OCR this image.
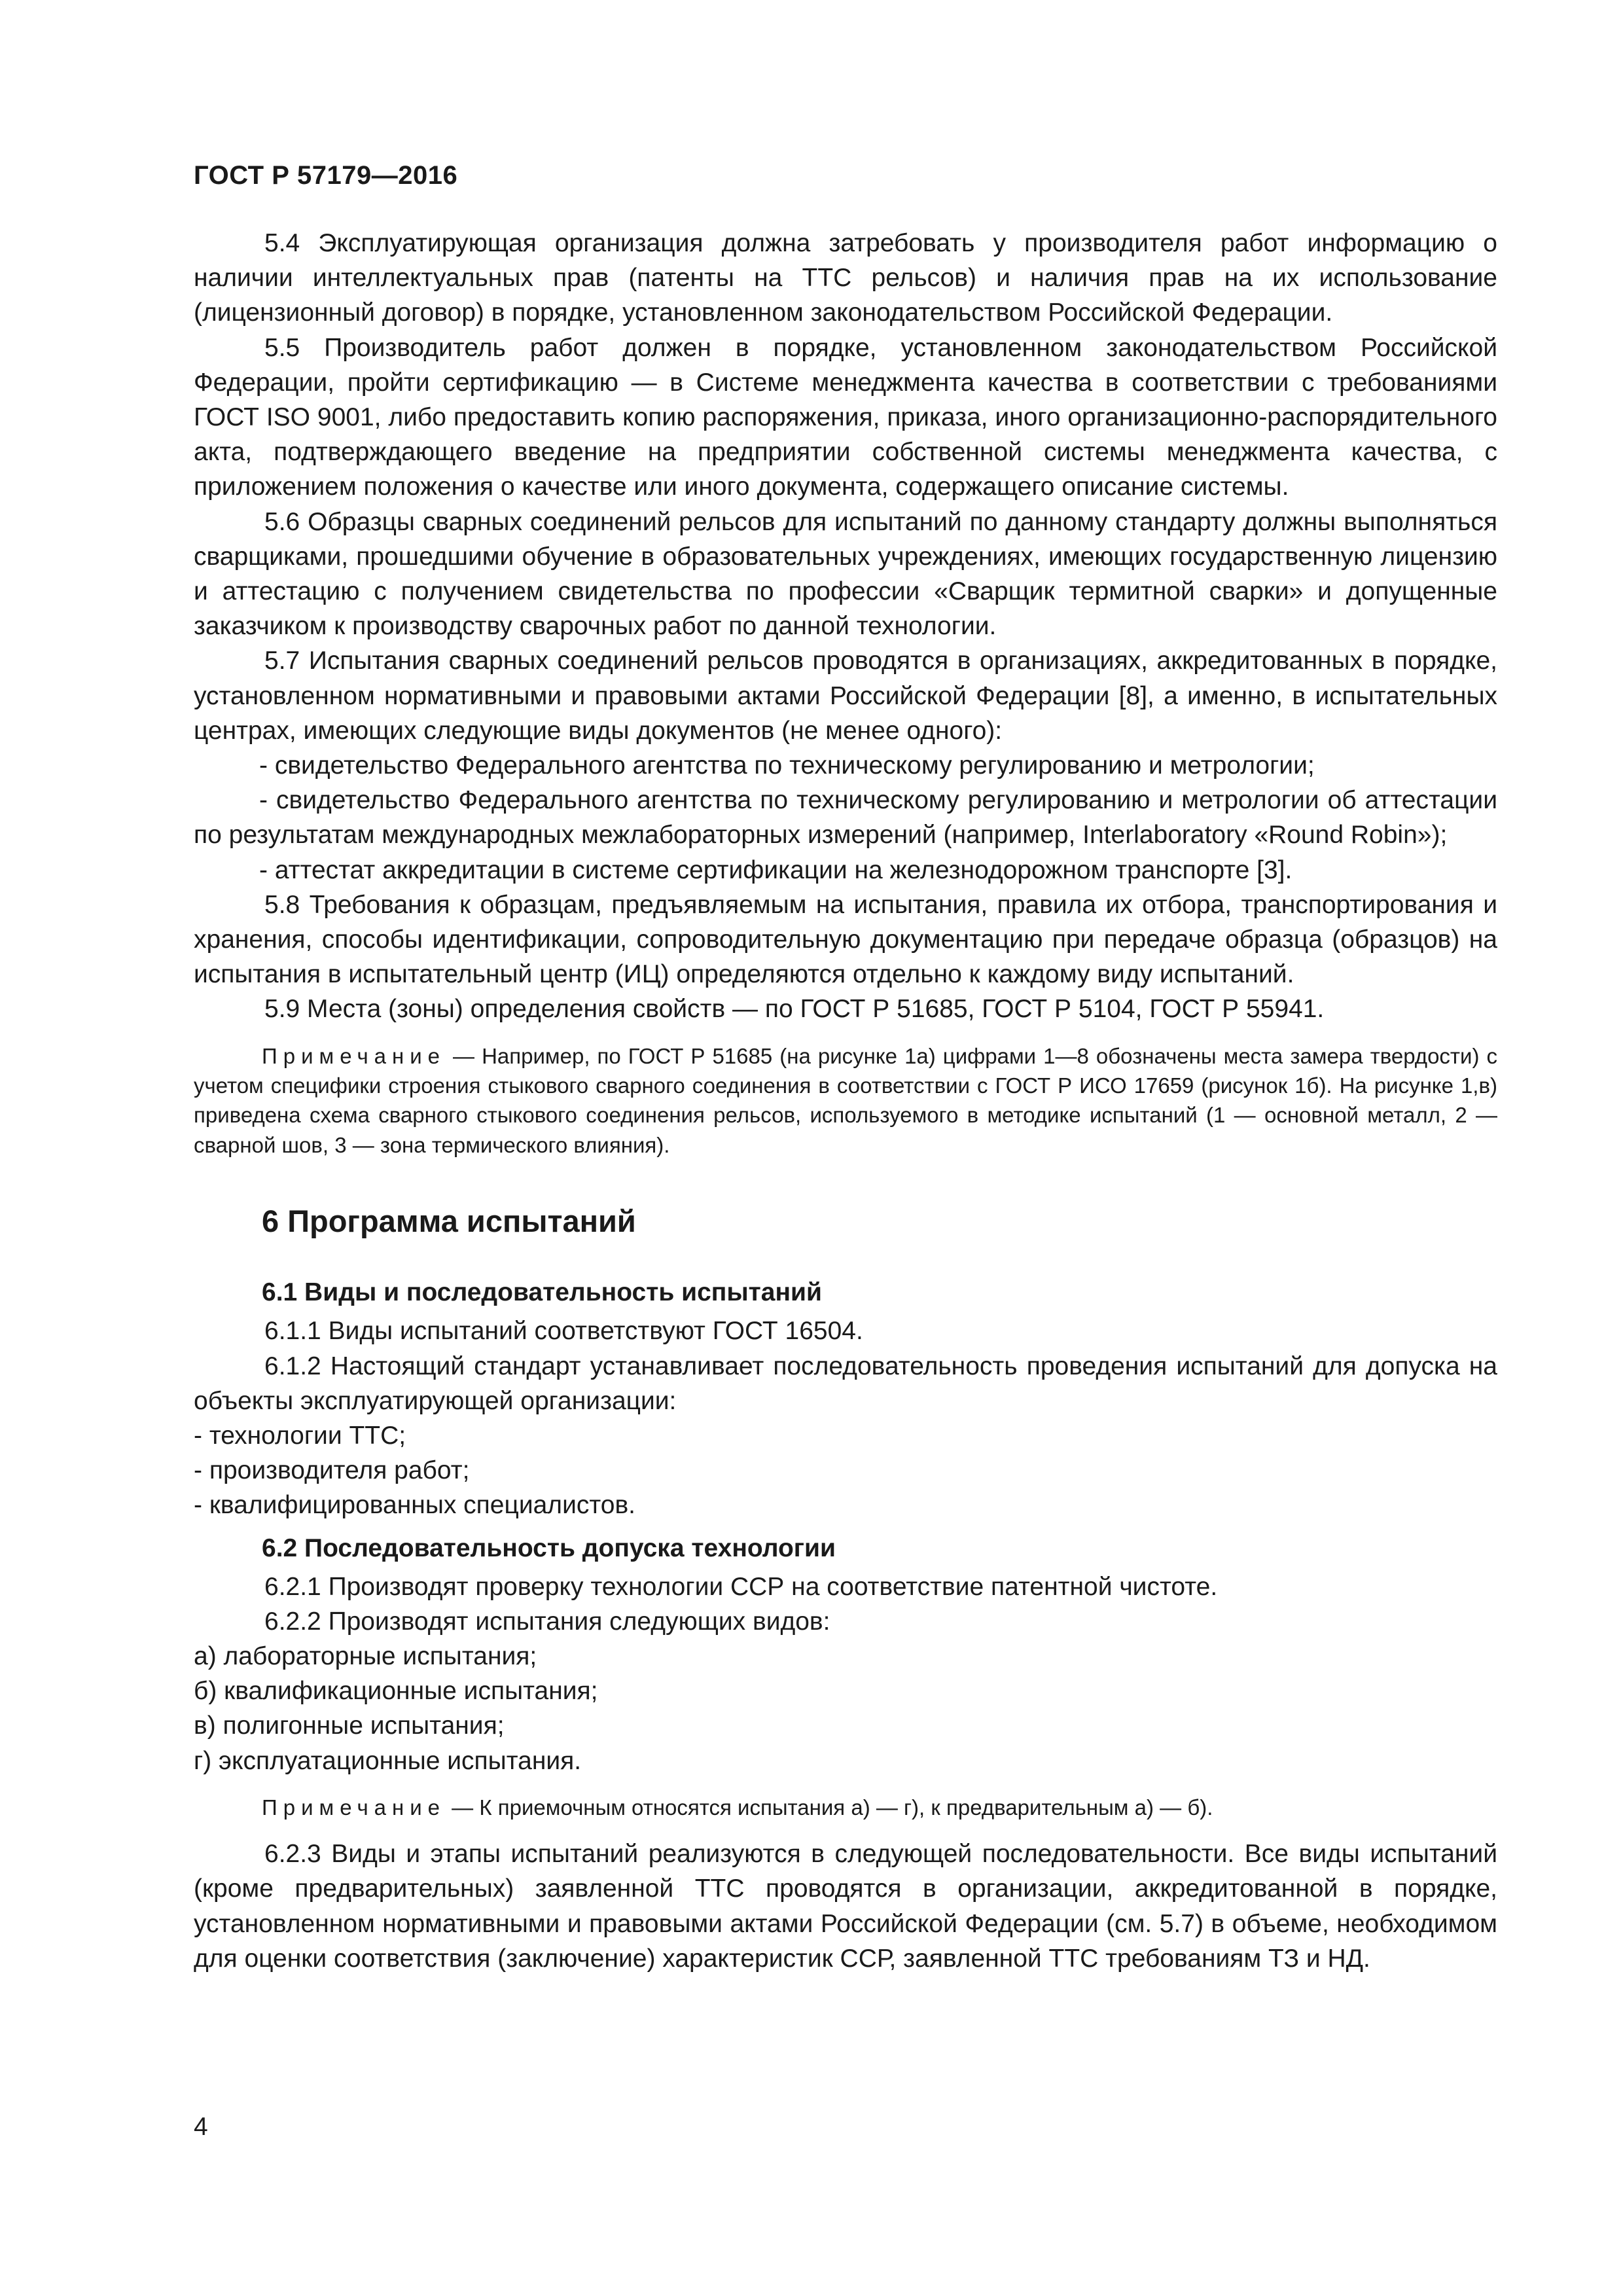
ГОСТ Р 57179—2016

5.4 Эксплуатирующая организация должна затребовать у производителя работ информацию о наличии интеллектуальных прав (патенты на ТТС рельсов) и наличия прав на их использование (лицензионный договор) в порядке, установленном законодательством Российской Федерации.

5.5 Производитель работ должен в порядке, установленном законодательством Российской Федерации, пройти сертификацию — в Системе менеджмента качества в соответствии с требованиями ГОСТ ISO 9001, либо предоставить копию распоряжения, приказа, иного организационно-распорядительного акта, подтверждающего введение на предприятии собственной системы менеджмента качества, с приложением положения о качестве или иного документа, содержащего описание системы.

5.6 Образцы сварных соединений рельсов для испытаний по данному стандарту должны выполняться сварщиками, прошедшими обучение в образовательных учреждениях, имеющих государственную лицензию и аттестацию с получением свидетельства по профессии «Сварщик термитной сварки» и допущенные заказчиком к производству сварочных работ по данной технологии.

5.7 Испытания сварных соединений рельсов проводятся в организациях, аккредитованных в порядке, установленном нормативными и правовыми актами Российской Федерации [8], а именно, в испытательных центрах, имеющих следующие виды документов (не менее одного):

- свидетельство Федерального агентства по техническому регулированию и метрологии;

- свидетельство Федерального агентства по техническому регулированию и метрологии об аттестации по результатам международных межлабораторных измерений (например, Interlaboratory «Round Robin»);

- аттестат аккредитации в системе сертификации на железнодорожном транспорте [3].

5.8 Требования к образцам, предъявляемым на испытания, правила их отбора, транспортирования и хранения, способы идентификации, сопроводительную документацию при передаче образца (образцов) на испытания в испытательный центр (ИЦ) определяются отдельно к каждому виду испытаний.

5.9 Места (зоны) определения свойств — по ГОСТ Р 51685, ГОСТ Р 5104, ГОСТ Р 55941.

Примечание — Например, по ГОСТ Р 51685 (на рисунке 1а) цифрами 1—8 обозначены места замера твердости) с учетом специфики строения стыкового сварного соединения в соответствии с ГОСТ Р ИСО 17659 (рисунок 1б). На рисунке 1,в) приведена схема сварного стыкового соединения рельсов, используемого в методике испытаний (1 — основной металл, 2 — сварной шов, 3 — зона термического влияния).

6 Программа испытаний
6.1 Виды и последовательность испытаний

6.1.1 Виды испытаний соответствуют ГОСТ 16504.

6.1.2 Настоящий стандарт устанавливает последовательность проведения испытаний для допуска на объекты эксплуатирующей организации:

- технологии ТТС;

- производителя работ;

- квалифицированных специалистов.

6.2 Последовательность допуска технологии

6.2.1 Производят проверку технологии ССР на соответствие патентной чистоте.

6.2.2 Производят испытания следующих видов:

а) лабораторные испытания;

б) квалификационные испытания;

в) полигонные испытания;

г) эксплуатационные испытания.

Примечание — К приемочным относятся испытания а) — г), к предварительным а) — б).

6.2.3 Виды и этапы испытаний реализуются в следующей последовательности. Все виды испытаний (кроме предварительных) заявленной ТТС проводятся в организации, аккредитованной в порядке, установленном нормативными и правовыми актами Российской Федерации (см. 5.7) в объеме, необходимом для оценки соответствия (заключение) характеристик ССР, заявленной ТТС требованиям ТЗ и НД.

4
